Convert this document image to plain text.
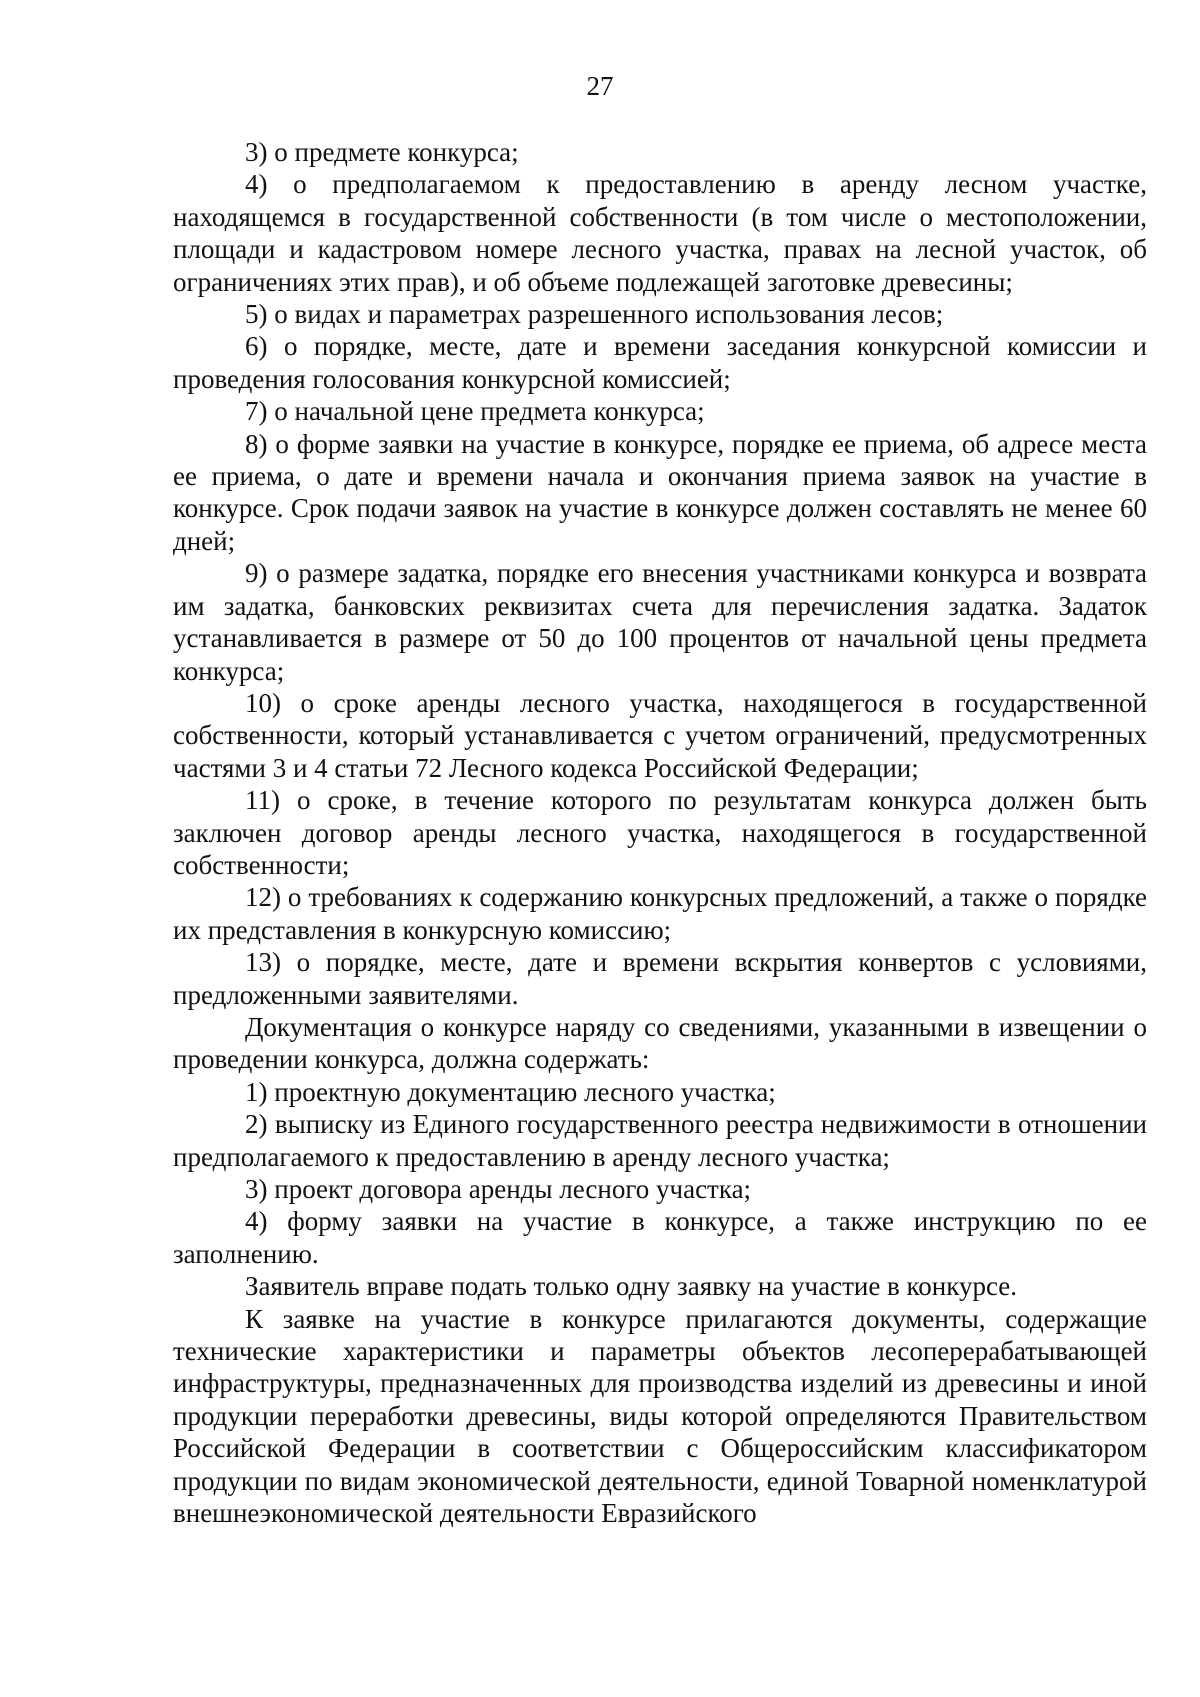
27

3) о предмете конкурса;

4) о предполагаемом к предоставлению в аренду лесном участке, находящемся в государственной собственности (в том числе о местоположении, площади и кадастровом номере лесного участка, правах на лесной участок, об ограничениях этих прав), и об объеме подлежащей заготовке древесины;

5) о видах и параметрах разрешенного использования лесов;

6) о порядке, месте, дате и времени заседания конкурсной комиссии и проведения голосования конкурсной комиссией;

7) о начальной цене предмета конкурса;

8) о форме заявки на участие в конкурсе, порядке ее приема, об адресе места ее приема, о дате и времени начала и окончания приема заявок на участие в конкурсе. Срок подачи заявок на участие в конкурсе должен составлять не менее 60 дней;

9) о размере задатка, порядке его внесения участниками конкурса и возврата им задатка, банковских реквизитах счета для перечисления задатка. Задаток устанавливается в размере от 50 до 100 процентов от начальной цены предмета конкурса;

10) о сроке аренды лесного участка, находящегося в государственной собственности, который устанавливается с учетом ограничений, предусмотренных частями 3 и 4 статьи 72 Лесного кодекса Российской Федерации;

11) о сроке, в течение которого по результатам конкурса должен быть заключен договор аренды лесного участка, находящегося в государственной собственности;

12) о требованиях к содержанию конкурсных предложений, а также о порядке их представления в конкурсную комиссию;

13) о порядке, месте, дате и времени вскрытия конвертов с условиями, предложенными заявителями.

Документация о конкурсе наряду со сведениями, указанными в извещении о проведении конкурса, должна содержать:

1) проектную документацию лесного участка;

2) выписку из Единого государственного реестра недвижимости в отношении предполагаемого к предоставлению в аренду лесного участка;

3) проект договора аренды лесного участка;

4) форму заявки на участие в конкурсе, а также инструкцию по ее заполнению.

Заявитель вправе подать только одну заявку на участие в конкурсе.

К заявке на участие в конкурсе прилагаются документы, содержащие технические характеристики и параметры объектов лесоперерабатывающей инфраструктуры, предназначенных для производства изделий из древесины и иной продукции переработки древесины, виды которой определяются Правительством Российской Федерации в соответствии с Общероссийским классификатором продукции по видам экономической деятельности, единой Товарной номенклатурой внешнеэкономической деятельности Евразийского
